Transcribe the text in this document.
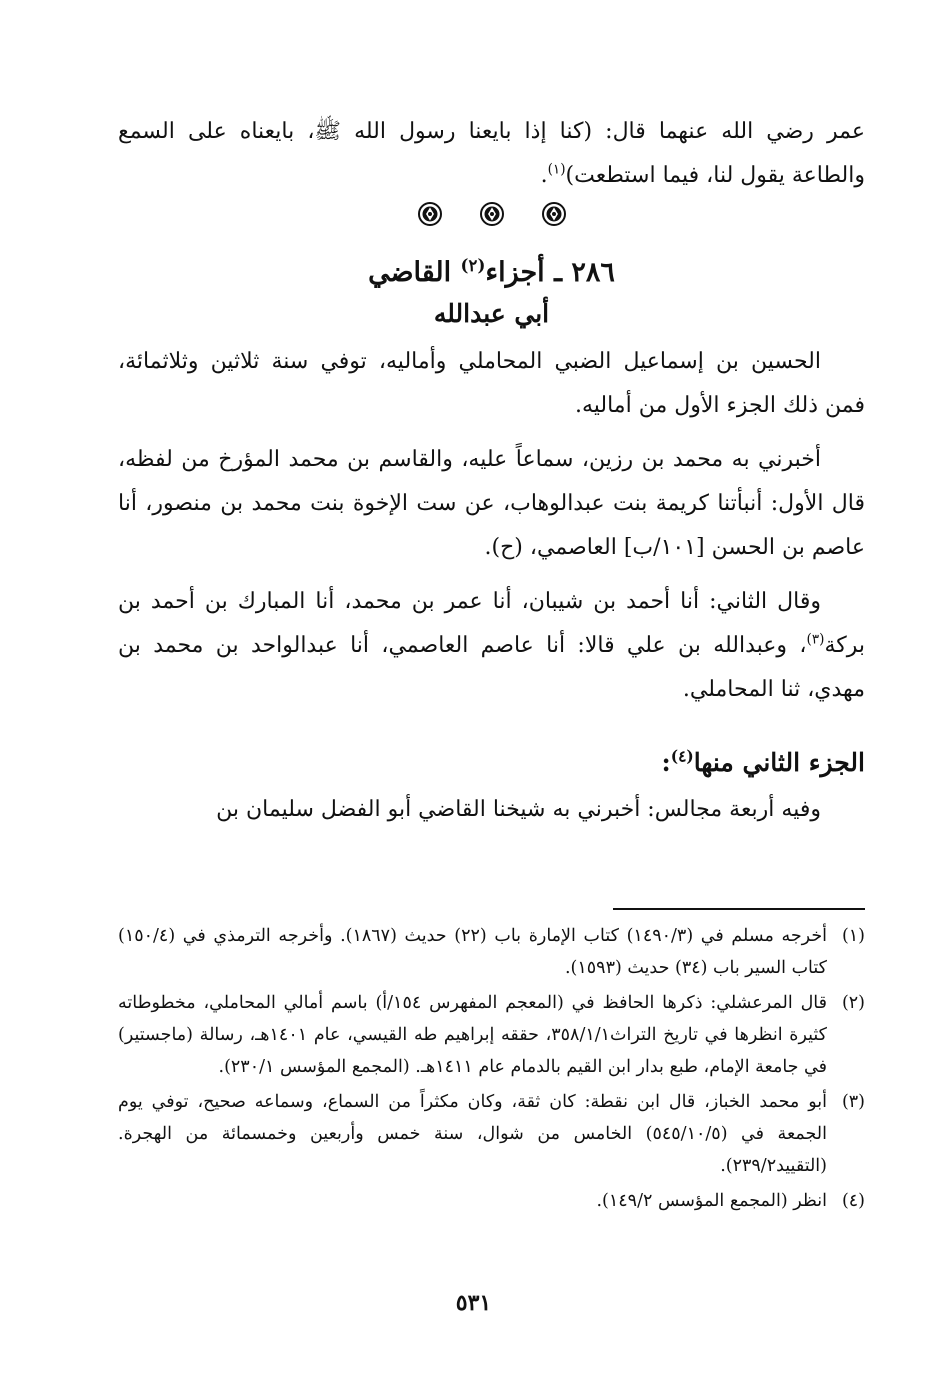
عمر رضي الله عنهما قال: (كنا إذا بايعنا رسول الله ﷺ، بايعناه على السمع والطاعة يقول لنا، فيما استطعت)$^{(١)}$.

٢٨٦ ـ أجزاء$^{(٢)}$ القاضي
أبي عبدالله

الحسين بن إسماعيل الضبي المحاملي وأماليه، توفي سنة ثلاثين وثلاثمائة، فمن ذلك الجزء الأول من أماليه.

أخبرني به محمد بن رزين، سماعاً عليه، والقاسم بن محمد المؤرخ من لفظه، قال الأول: أنبأتنا كريمة بنت عبدالوهاب، عن ست الإخوة بنت محمد بن منصور، أنا عاصم بن الحسن [١٠١/ب] العاصمي، (ح).

وقال الثاني: أنا أحمد بن شيبان، أنا عمر بن محمد، أنا المبارك بن أحمد بن بركة$^{(٣)}$، وعبدالله بن علي قالا: أنا عاصم العاصمي، أنا عبدالواحد بن محمد بن مهدي، ثنا المحاملي.

الجزء الثاني منها$^{(٤)}$:

وفيه أربعة مجالس: أخبرني به شيخنا القاضي أبو الفضل سليمان بن

(١)
أخرجه مسلم في (١٤٩٠/٣) كتاب الإمارة باب (٢٢) حديث (١٨٦٧). وأخرجه الترمذي في (١٥٠/٤) كتاب السير باب (٣٤) حديث (١٥٩٣).
(٢)
قال المرعشلي: ذكرها الحافظ في (المعجم المفهرس ١٥٤/أ) باسم أمالي المحاملي، مخطوطاته كثيرة انظرها في تاريخ التراث٣٥٨/١/١، حققه إبراهيم طه القيسي، عام ١٤٠١هـ، رسالة (ماجستير) في جامعة الإمام، طبع بدار ابن القيم بالدمام عام ١٤١١هـ. (المجمع المؤسس ٢٣٠/١).
(٣)
أبو محمد الخباز، قال ابن نقطة: كان ثقة، وكان مكثراً من السماع، وسماعه صحيح، توفي يوم الجمعة في (٥٤٥/١٠/٥) الخامس من شوال، سنة خمس وأربعين وخمسمائة من الهجرة. (التقييد٢٣٩/٢).
(٤)
انظر (المجمع المؤسس ١٤٩/٢).
٥٣١
